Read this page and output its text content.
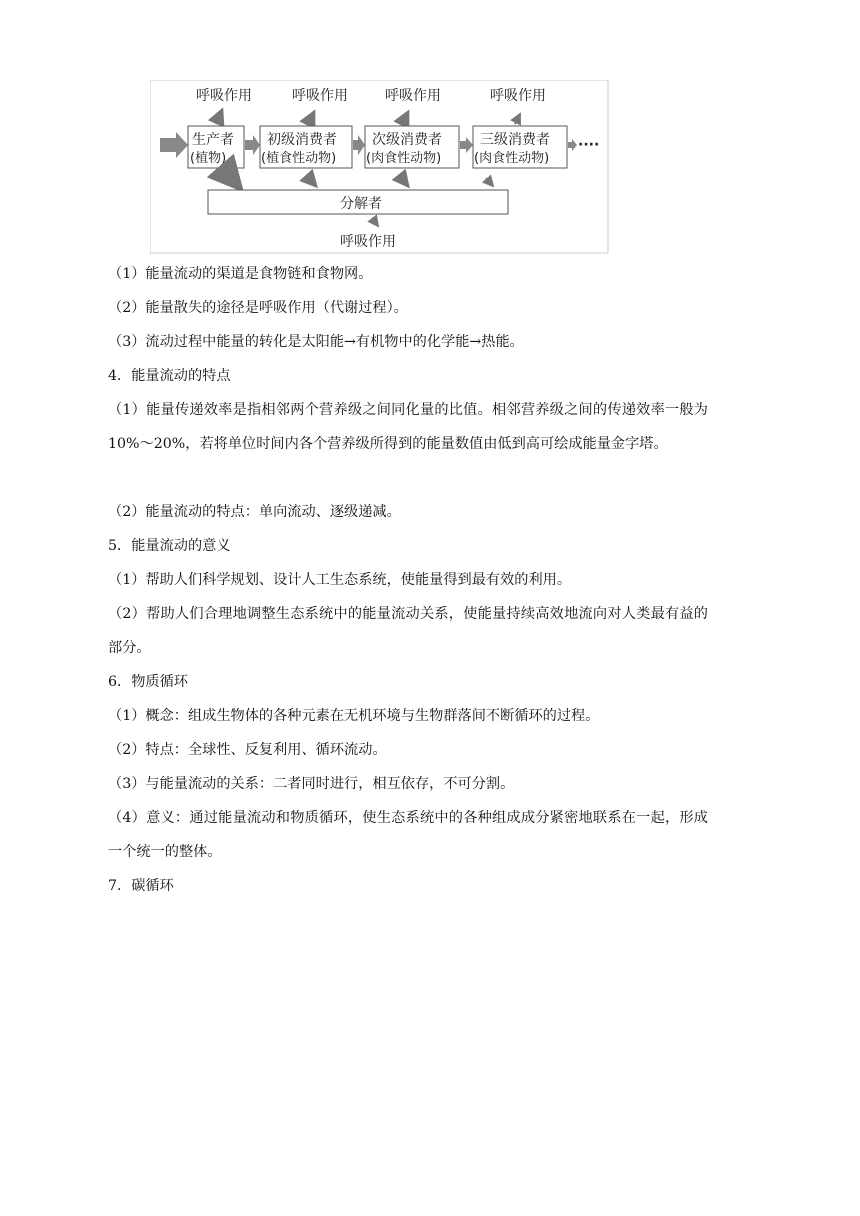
呼吸作用	呼吸作用	呼吸作用	呼吸作用
生产者
(植物)
初级消费者
(植食性动物)
次级消费者
(肉食性动物)
三级消费者
(肉食性动物)
····
分解者
呼吸作用
（1）能量流动的渠道是食物链和食物网。
（2）能量散失的途径是呼吸作用（代谢过程）。
（3）流动过程中能量的转化是太阳能→有机物中的化学能→热能。
4．能量流动的特点
（1）能量传递效率是指相邻两个营养级之间同化量的比值。相邻营养级之间的传递效率一般为 10%～20%，若将单位时间内各个营养级所得到的能量数值由低到高可绘成能量金字塔。
（2）能量流动的特点：单向流动、逐级递减。
5．能量流动的意义
（1）帮助人们科学规划、设计人工生态系统，使能量得到最有效的利用。
（2）帮助人们合理地调整生态系统中的能量流动关系，使能量持续高效地流向对人类最有益的部分。
6．物质循环
（1）概念：组成生物体的各种元素在无机环境与生物群落间不断循环的过程。
（2）特点：全球性、反复利用、循环流动。
（3）与能量流动的关系：二者同时进行，相互依存，不可分割。
（4）意义：通过能量流动和物质循环，使生态系统中的各种组成成分紧密地联系在一起，形成一个统一的整体。
7．碳循环
